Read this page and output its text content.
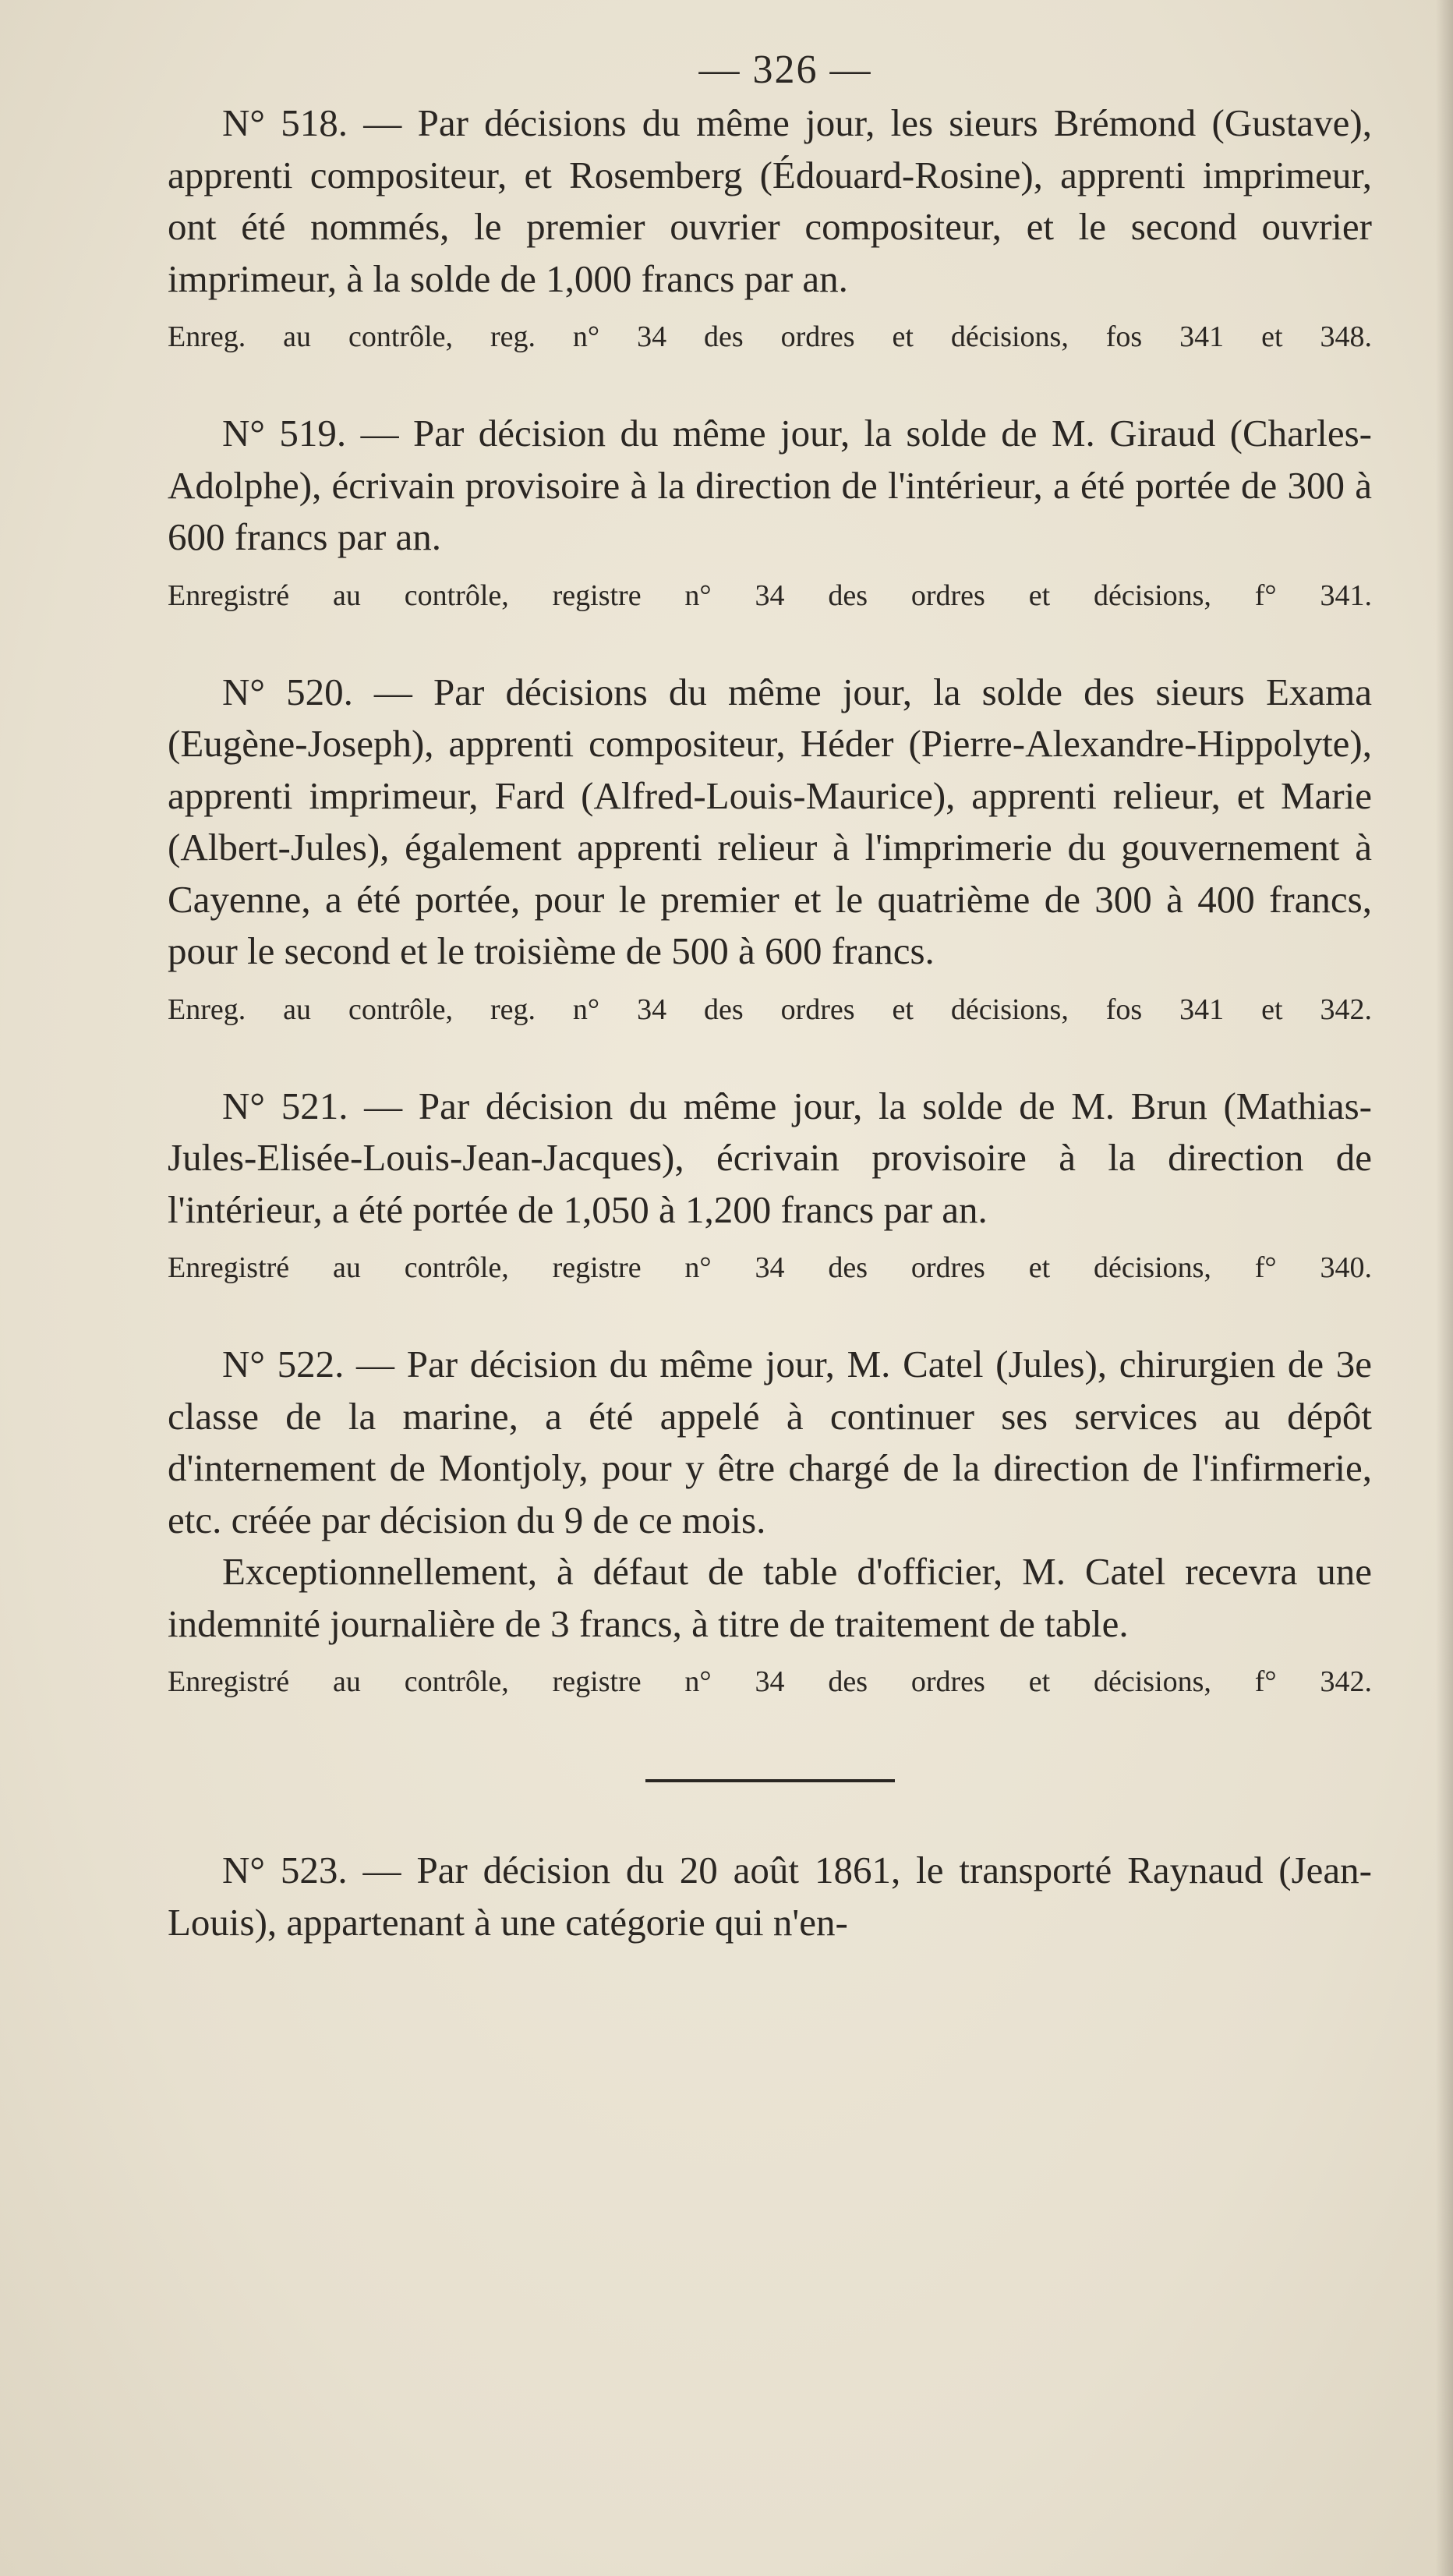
— 326 —

N° 518. — Par décisions du même jour, les sieurs Brémond (Gustave), apprenti compositeur, et Rosemberg (Édouard-Rosine), apprenti imprimeur, ont été nommés, le premier ouvrier compositeur, et le second ouvrier imprimeur, à la solde de 1,000 francs par an.

Enreg. au contrôle, reg. n° 34 des ordres et décisions, fos 341 et 348.

N° 519. — Par décision du même jour, la solde de M. Giraud (Charles-Adolphe), écrivain provisoire à la direction de l'intérieur, a été portée de 300 à 600 francs par an.

Enregistré au contrôle, registre n° 34 des ordres et décisions, f° 341.

N° 520. — Par décisions du même jour, la solde des sieurs Exama (Eugène-Joseph), apprenti compositeur, Héder (Pierre-Alexandre-Hippolyte), apprenti imprimeur, Fard (Alfred-Louis-Maurice), apprenti relieur, et Marie (Albert-Jules), également apprenti relieur à l'imprimerie du gouvernement à Cayenne, a été portée, pour le premier et le quatrième de 300 à 400 francs, pour le second et le troisième de 500 à 600 francs.

Enreg. au contrôle, reg. n° 34 des ordres et décisions, fos 341 et 342.

N° 521. — Par décision du même jour, la solde de M. Brun (Mathias-Jules-Elisée-Louis-Jean-Jacques), écrivain provisoire à la direction de l'intérieur, a été portée de 1,050 à 1,200 francs par an.

Enregistré au contrôle, registre n° 34 des ordres et décisions, f° 340.

N° 522. — Par décision du même jour, M. Catel (Jules), chirurgien de 3e classe de la marine, a été appelé à continuer ses services au dépôt d'internement de Montjoly, pour y être chargé de la direction de l'infirmerie, etc. créée par décision du 9 de ce mois.

Exceptionnellement, à défaut de table d'officier, M. Catel recevra une indemnité journalière de 3 francs, à titre de traitement de table.

Enregistré au contrôle, registre n° 34 des ordres et décisions, f° 342.

N° 523. — Par décision du 20 août 1861, le transporté Raynaud (Jean-Louis), appartenant à une catégorie qui n'en-
